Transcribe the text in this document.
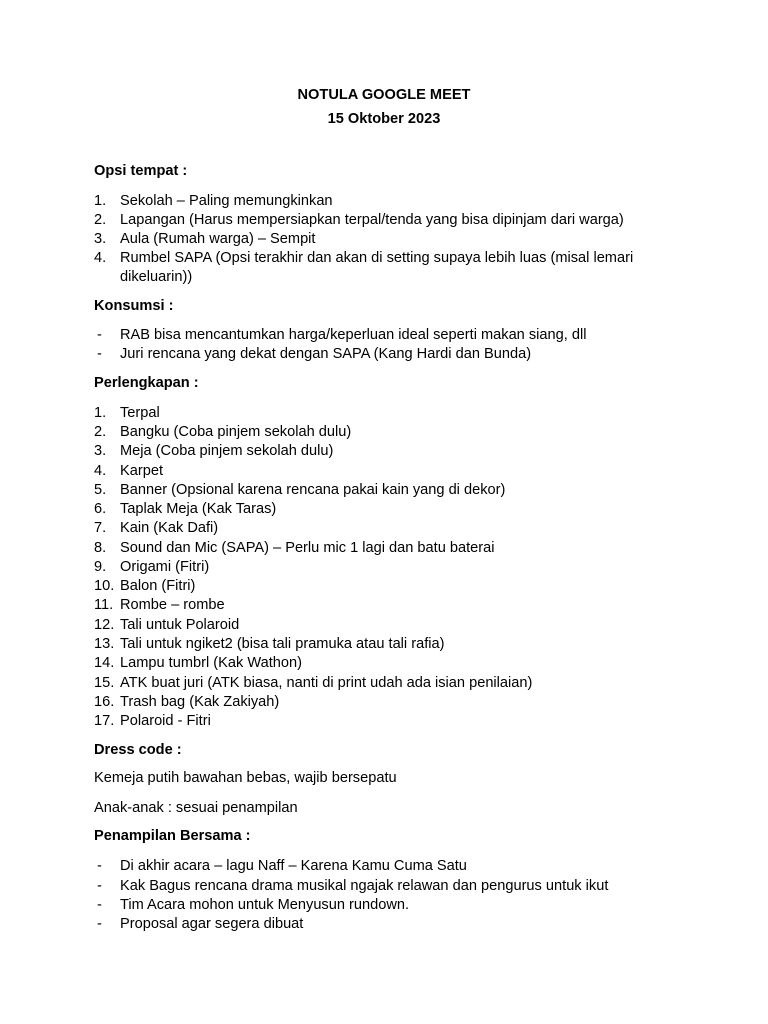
NOTULA GOOGLE MEET
15 Oktober 2023
Opsi tempat :
1. Sekolah – Paling memungkinkan
2. Lapangan (Harus mempersiapkan terpal/tenda yang bisa dipinjam dari warga)
3. Aula (Rumah warga) – Sempit
4. Rumbel SAPA (Opsi terakhir dan akan di setting supaya lebih luas (misal lemari dikeluarin))
Konsumsi :
-	RAB bisa mencantumkan harga/keperluan ideal seperti makan siang, dll
-	Juri rencana yang dekat dengan SAPA (Kang Hardi dan Bunda)
Perlengkapan :
1. Terpal
2. Bangku (Coba pinjem sekolah dulu)
3. Meja (Coba pinjem sekolah dulu)
4. Karpet
5. Banner (Opsional karena rencana pakai kain yang di dekor)
6. Taplak Meja (Kak Taras)
7. Kain (Kak Dafi)
8. Sound dan Mic (SAPA) – Perlu mic 1 lagi dan batu baterai
9. Origami (Fitri)
10. Balon (Fitri)
11. Rombe – rombe
12. Tali untuk Polaroid
13. Tali untuk ngiket2 (bisa tali pramuka atau tali rafia)
14. Lampu tumbrl (Kak Wathon)
15. ATK buat juri (ATK biasa, nanti di print udah ada isian penilaian)
16. Trash bag (Kak Zakiyah)
17. Polaroid - Fitri
Dress code :
Kemeja putih bawahan bebas, wajib bersepatu
Anak-anak : sesuai penampilan
Penampilan Bersama :
-	Di akhir acara – lagu Naff – Karena Kamu Cuma Satu
-	Kak Bagus rencana drama musikal ngajak relawan dan pengurus untuk ikut
-	Tim Acara mohon untuk Menyusun rundown.
-	Proposal agar segera dibuat
